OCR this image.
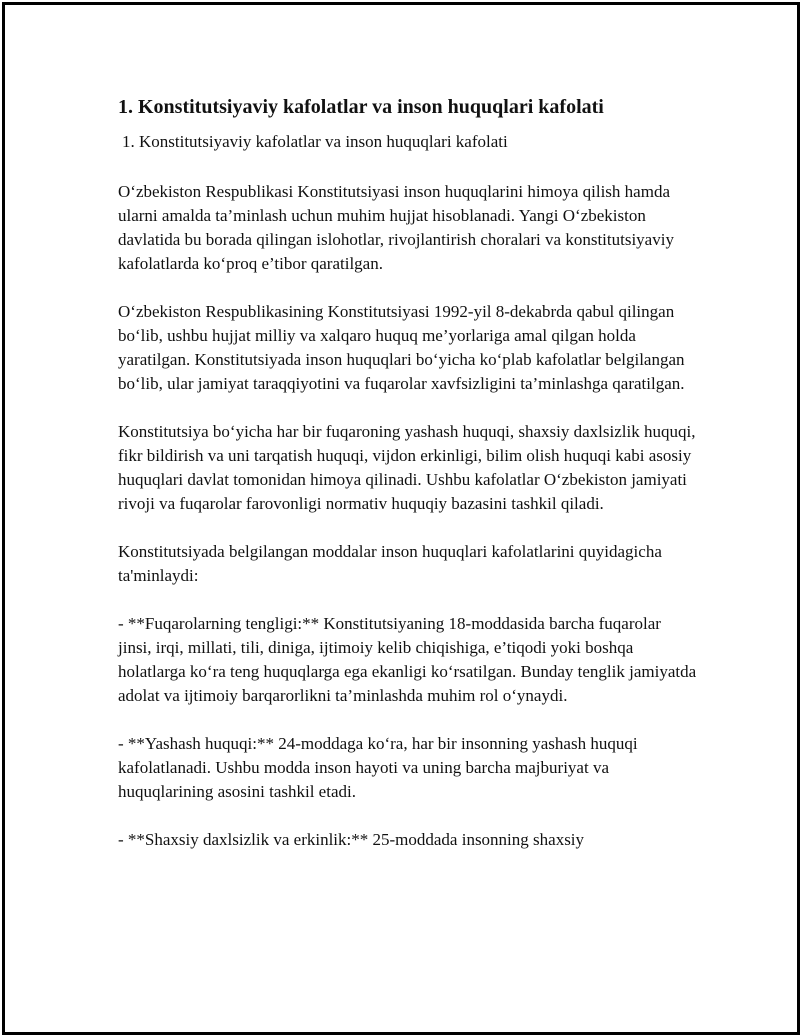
1. Konstitutsiyaviy kafolatlar va inson huquqlari kafolati
1. Konstitutsiyaviy kafolatlar va inson huquqlari kafolati

O‘zbekiston Respublikasi Konstitutsiyasi inson huquqlarini himoya qilish hamda ularni amalda ta’minlash uchun muhim hujjat hisoblanadi. Yangi O‘zbekiston davlatida bu borada qilingan islohotlar, rivojlantirish choralari va konstitutsiyaviy kafolatlarda ko‘proq e’tibor qaratilgan.

O‘zbekiston Respublikasining Konstitutsiyasi 1992-yil 8-dekabrda qabul qilingan bo‘lib, ushbu hujjat milliy va xalqaro huquq me’yorlariga amal qilgan holda yaratilgan. Konstitutsiyada inson huquqlari bo‘yicha ko‘plab kafolatlar belgilangan bo‘lib, ular jamiyat taraqqiyotini va fuqarolar xavfsizligini ta’minlashga qaratilgan.

Konstitutsiya bo‘yicha har bir fuqaroning yashash huquqi, shaxsiy daxlsizlik huquqi, fikr bildirish va uni tarqatish huquqi, vijdon erkinligi, bilim olish huquqi kabi asosiy huquqlari davlat tomonidan himoya qilinadi. Ushbu kafolatlar O‘zbekiston jamiyati rivoji va fuqarolar farovonligi normativ huquqiy bazasini tashkil qiladi.

Konstitutsiyada belgilangan moddalar inson huquqlari kafolatlarini quyidagicha ta'minlaydi:

- **Fuqarolarning tengligi:** Konstitutsiyaning 18-moddasida barcha fuqarolar jinsi, irqi, millati, tili, diniga, ijtimoiy kelib chiqishiga, e’tiqodi yoki boshqa holatlarga ko‘ra teng huquqlarga ega ekanligi ko‘rsatilgan. Bunday tenglik jamiyatda adolat va ijtimoiy barqarorlikni ta’minlashda muhim rol o‘ynaydi.

- **Yashash huquqi:** 24-moddaga ko‘ra, har bir insonning yashash huquqi kafolatlanadi. Ushbu modda inson hayoti va uning barcha majburiyat va huquqlarining asosini tashkil etadi.

- **Shaxsiy daxlsizlik va erkinlik:** 25-moddada insonning shaxsiy
